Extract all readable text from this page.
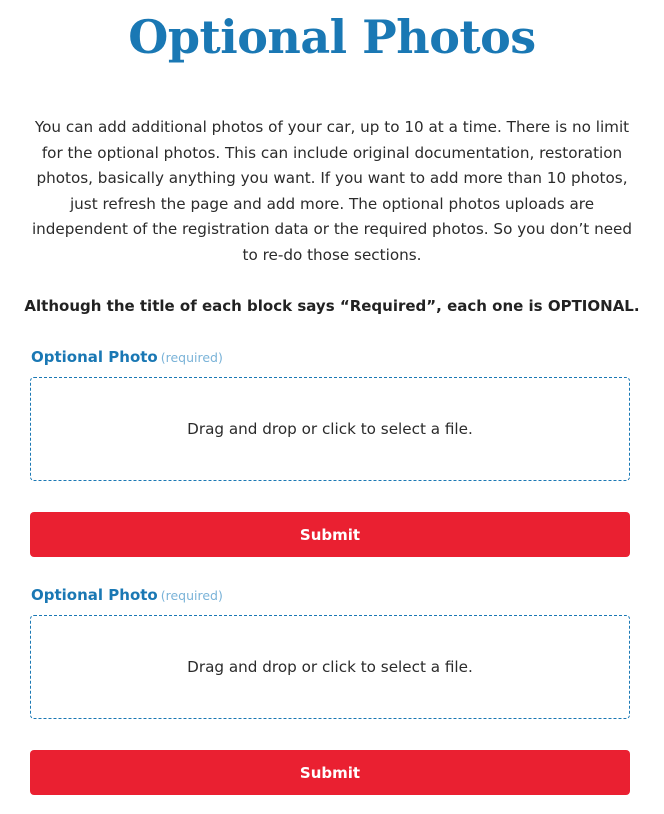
Optional Photos

You can add additional photos of your car, up to 10 at a time. There is no limit for the optional photos. This can include original documentation, restoration photos, basically anything you want. If you want to add more than 10 photos, just refresh the page and add more. The optional photos uploads are independent of the registration data or the required photos. So you don’t need to re-do those sections.

Although the title of each block says “Required”, each one is OPTIONAL.

Optional Photo (required)
Drag and drop or click to select a file.
Submit
Optional Photo (required)
Drag and drop or click to select a file.
Submit
